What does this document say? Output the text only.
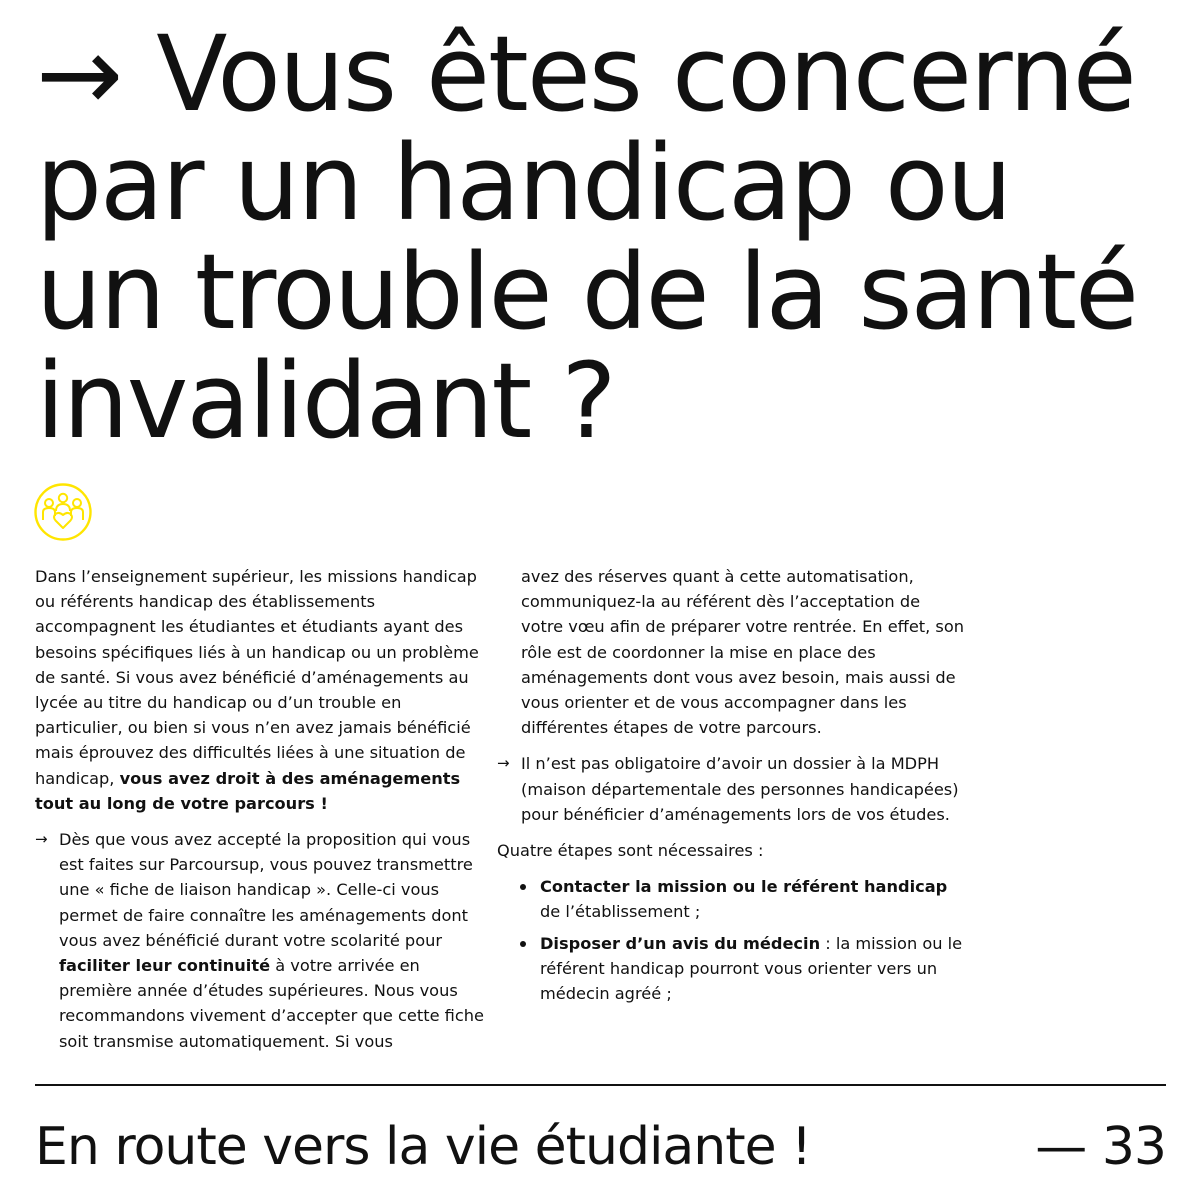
→ Vous êtes concerné
par un handicap ou
un trouble de la santé
invalidant ?

Dans l’enseignement supérieur, les missions handicap ou référents handicap des établissements accompagnent les étudiantes et étudiants ayant des besoins spécifiques liés à un handicap ou un problème de santé. Si vous avez bénéficié d’aménagements au lycée au titre du handicap ou d’un trouble en particulier, ou bien si vous n’en avez jamais bénéficié mais éprouvez des difficultés liées à une situation de handicap, vous avez droit à des aménagements tout au long de votre parcours !

→ Dès que vous avez accepté la proposition qui vous est faites sur Parcoursup, vous pouvez transmettre une « fiche de liaison handicap ». Celle-ci vous permet de faire connaître les aménagements dont vous avez bénéficié durant votre scolarité pour faciliter leur continuité à votre arrivée en première année d’études supérieures. Nous vous recommandons vivement d’accepter que cette fiche soit transmise automatiquement. Si vous
avez des réserves quant à cette automatisation, communiquez-la au référent dès l’acceptation de votre vœu afin de préparer votre rentrée. En effet, son rôle est de coordonner la mise en place des aménagements dont vous avez besoin, mais aussi de vous orienter et de vous accompagner dans les différentes étapes de votre parcours.
→ Il n’est pas obligatoire d’avoir un dossier à la MDPH (maison départementale des personnes handicapées) pour bénéficier d’aménagements lors de vos études.

Quatre étapes sont nécessaires :

Contacter la mission ou le référent handicap de l’établissement ;
Disposer d’un avis du médecin : la mission ou le référent handicap pourront vous orienter vers un médecin agréé ;
En route vers la vie étudiante !	— 33
